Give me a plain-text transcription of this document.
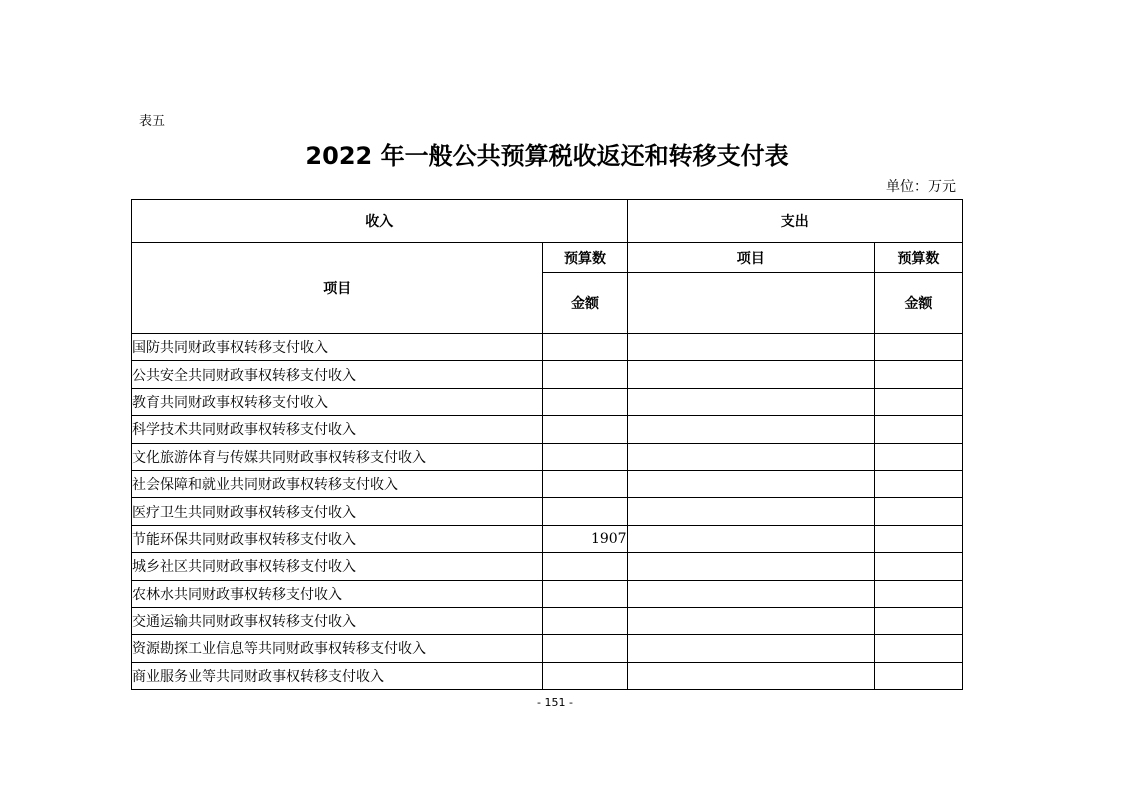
表五
2022 年一般公共预算税收返还和转移支付表
单位：万元
收入		支出	
项目	预算数	项目	预算数
	金额		金额
国防共同财政事权转移支付收入			
公共安全共同财政事权转移支付收入			
教育共同财政事权转移支付收入			
科学技术共同财政事权转移支付收入			
文化旅游体育与传媒共同财政事权转移支付收入			
社会保障和就业共同财政事权转移支付收入			
医疗卫生共同财政事权转移支付收入			
节能环保共同财政事权转移支付收入	1907		
城乡社区共同财政事权转移支付收入			
农林水共同财政事权转移支付收入			
交通运输共同财政事权转移支付收入			
资源勘探工业信息等共同财政事权转移支付收入			
商业服务业等共同财政事权转移支付收入			
- 151 -
